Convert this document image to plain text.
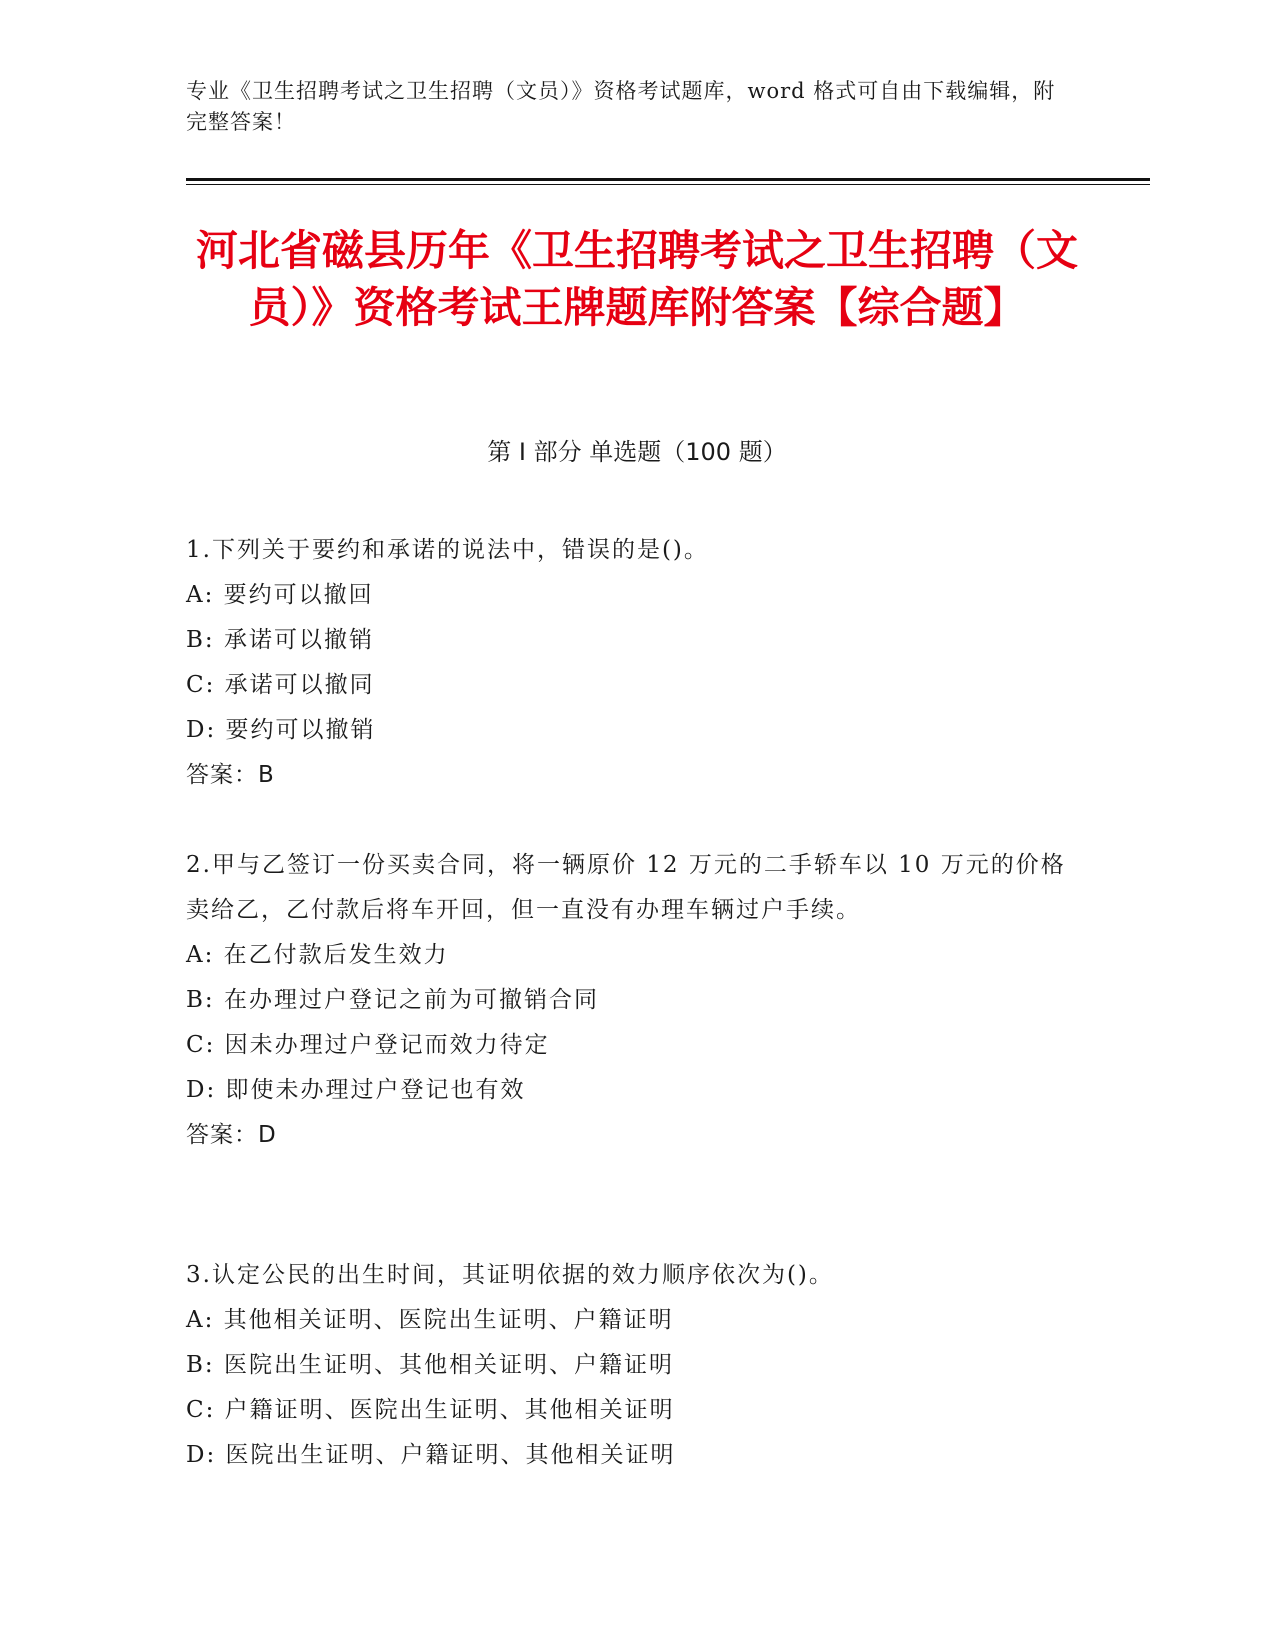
专业《卫生招聘考试之卫生招聘（文员）》资格考试题库，word 格式可自由下载编辑，附完整答案！
河北省磁县历年《卫生招聘考试之卫生招聘（文员）》资格考试王牌题库附答案【综合题】
第 I 部分 单选题（100 题）
1.下列关于要约和承诺的说法中，错误的是()。
A: 要约可以撤回
B: 承诺可以撤销
C: 承诺可以撤同
D: 要约可以撤销
答案：B
2.甲与乙签订一份买卖合同，将一辆原价 12 万元的二手轿车以 10 万元的价格卖给乙，乙付款后将车开回，但一直没有办理车辆过户手续。
A: 在乙付款后发生效力
B: 在办理过户登记之前为可撤销合同
C: 因未办理过户登记而效力待定
D: 即使未办理过户登记也有效
答案：D
3.认定公民的出生时间，其证明依据的效力顺序依次为()。
A: 其他相关证明、医院出生证明、户籍证明
B: 医院出生证明、其他相关证明、户籍证明
C: 户籍证明、医院出生证明、其他相关证明
D: 医院出生证明、户籍证明、其他相关证明
